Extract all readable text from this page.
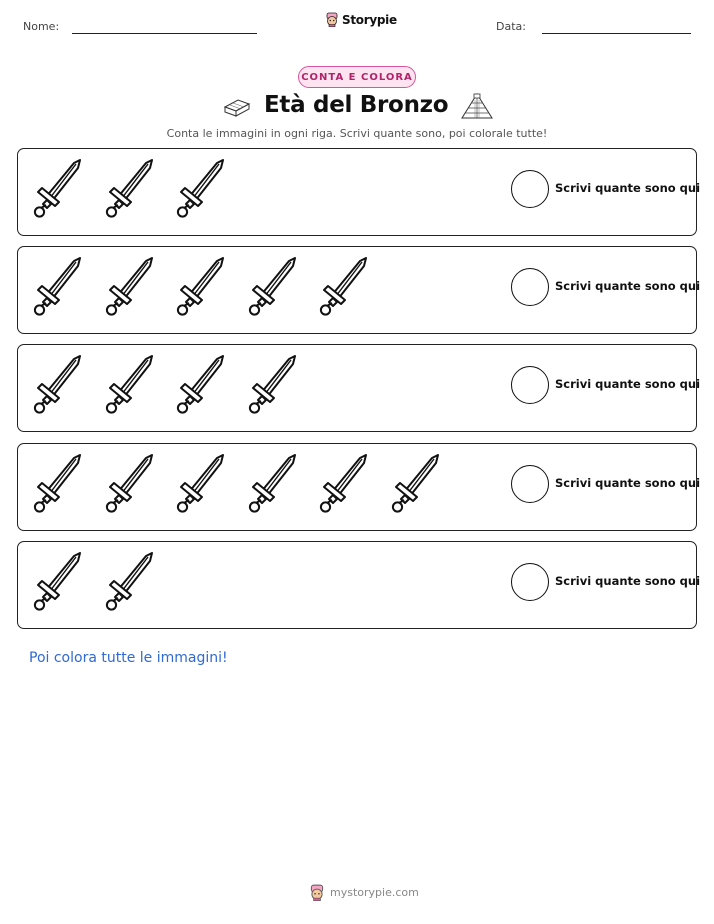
Nome:	Storypie	Data:
CONTA E COLORA
Età del Bronzo
Conta le immagini in ogni riga. Scrivi quante sono, poi colorale tutte!
Scrivi quante sono qui
Scrivi quante sono qui
Scrivi quante sono qui
Scrivi quante sono qui
Scrivi quante sono qui
Poi colora tutte le immagini!
mystorypie.com
